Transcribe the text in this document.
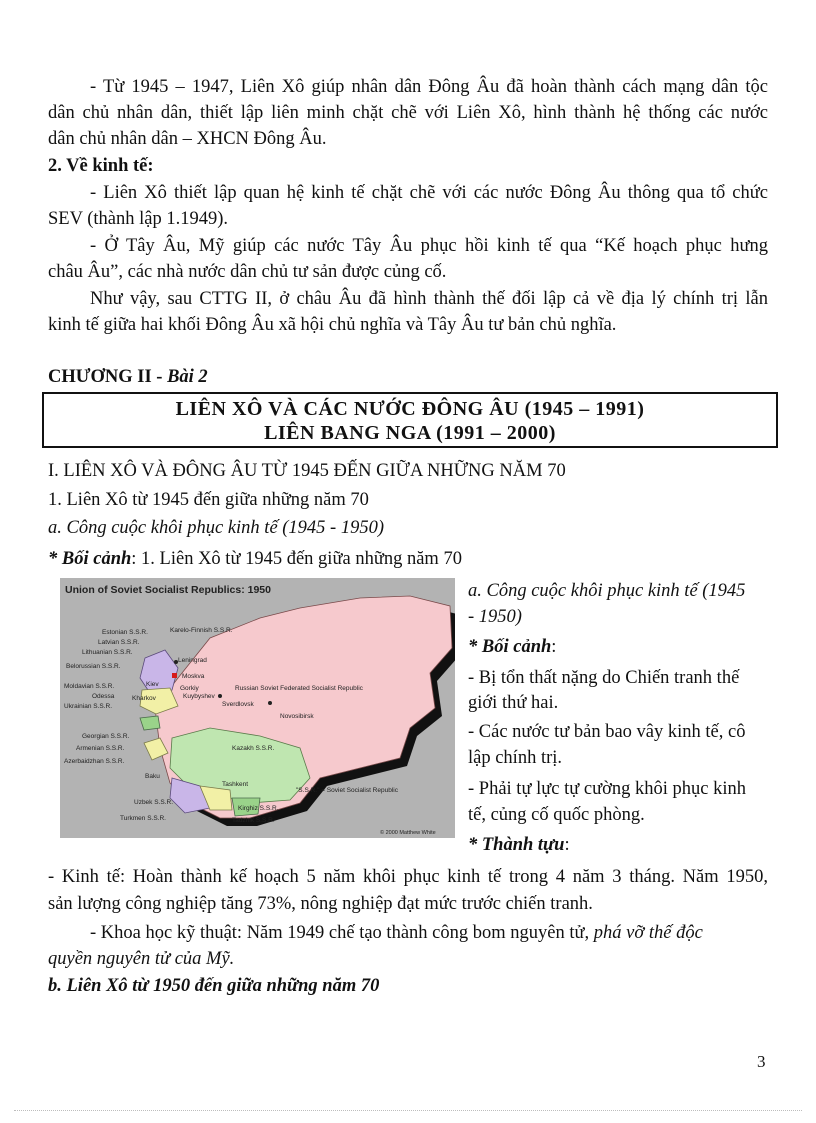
- Từ 1945 – 1947, Liên Xô giúp nhân dân Đông Âu đã hoàn thành cách mạng dân tộc
dân chủ nhân dân, thiết lập liên minh chặt chẽ với Liên Xô, hình thành hệ thống các nước
dân chủ nhân dân – XHCN Đông Âu.
2. Về kinh tế:
- Liên Xô thiết lập quan hệ kinh tế chặt chẽ với các nước Đông Âu thông qua tổ chức
SEV (thành lập 1.1949).
- Ở Tây Âu, Mỹ giúp các nước Tây Âu phục hồi kinh tế qua “Kế hoạch phục hưng
châu Âu”, các nhà nước dân chủ tư sản được củng cố.
Như vậy, sau CTTG II, ở châu Âu đã hình thành thế đối lập cả về địa lý chính trị lẫn
kinh tế giữa hai khối Đông Âu xã hội chủ nghĩa và Tây Âu tư bản chủ nghĩa.
CHƯƠNG II - Bài 2
LIÊN XÔ VÀ CÁC NƯỚC ĐÔNG ÂU (1945 – 1991)
LIÊN BANG NGA (1991 – 2000)
I. LIÊN XÔ VÀ ĐÔNG ÂU TỪ 1945 ĐẾN GIỮA NHỮNG NĂM 70
1. Liên Xô từ 1945 đến giữa những năm 70
a. Công cuộc khôi phục kinh tế (1945 - 1950)
* Bối cảnh: 1. Liên Xô từ 1945 đến giữa những năm 70
Union of Soviet Socialist Republics: 1950
Estonian S.S.R.	Karelo-Finnish S.S.R.
Latvian S.S.R.
Lithuanian S.S.R.
Belorussian S.S.R.
Leningrad
Moskva
Gorkiy
Kuybyshev
Kiev
Moldavian S.S.R.
Odessa
Ukrainian S.S.R.
Kharkov
Russian Soviet Federated Socialist Republic
Sverdlovsk
Novosibirsk
Georgian S.S.R.
Armenian S.S.R.
Azerbaidzhan S.S.R.
Kazakh S.S.R.
Baku
Tashkent
Uzbek S.S.R.
Turkmen S.S.R.
Kirghiz S.S.R.
Tadzhik S.S.R.
"S.S.R." = Soviet Socialist Republic
© 2000 Matthew White
a. Công cuộc khôi phục kinh tế (1945
- 1950)
* Bối cảnh:
- Bị tổn thất nặng do Chiến tranh thế
giới thứ hai.
- Các nước tư bản bao vây kinh tế, cô
lập chính trị.
- Phải tự lực tự cường khôi phục kinh
tế, củng cố quốc phòng.
* Thành tựu:
- Kinh tế: Hoàn thành kế hoạch 5 năm khôi phục kinh tế trong 4 năm 3 tháng. Năm 1950,
sản lượng công nghiệp tăng 73%, nông nghiệp đạt mức trước chiến tranh.
- Khoa học kỹ thuật: Năm 1949 chế tạo thành công bom nguyên tử, phá vỡ thế độc
quyền nguyên tử của Mỹ.
b. Liên Xô từ 1950 đến giữa những năm 70
3
